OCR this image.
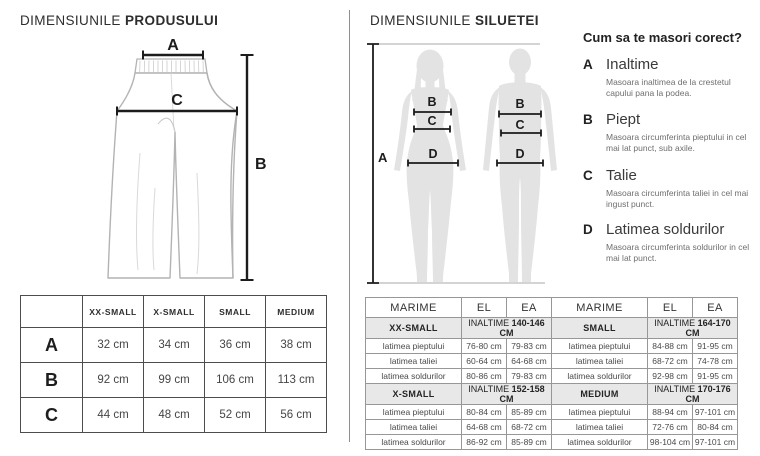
DIMENSIUNILE PRODUSULUI	DIMENSIUNILE SILUETEI
A
C
B	A
B
C
D
B
C
D
Cum sa te masori corect?
A Inaltime
Masoara inaltimea de la crestetul capului pana la podea.
B Piept
Masoara circumferinta pieptului in cel mai lat punct, sub axile.
C Talie
Masoara circumferinta taliei in cel mai ingust punct.
D Latimea soldurilor
Masoara circumferinta soldurilor in cel mai lat punct.
	XX-SMALL	X-SMALL	SMALL	MEDIUM
A	32 cm	34 cm	36 cm	38 cm
B	92 cm	99 cm	106 cm	113 cm
C	44 cm	48 cm	52 cm	56 cm
MARIME	EL	EA	MARIME	EL	EA
XX-SMALL	INALTIME 140-146 CM		SMALL	INALTIME 164-170 CM	
latimea pieptului	76-80 cm	79-83 cm	latimea pieptului	84-88 cm	91-95 cm
latimea taliei	60-64 cm	64-68 cm	latimea taliei	68-72 cm	74-78 cm
latimea soldurilor	80-86 cm	79-83 cm	latimea soldurilor	92-98 cm	91-95 cm
X-SMALL	INALTIME 152-158 CM		MEDIUM	INALTIME 170-176 CM	
latimea pieptului	80-84 cm	85-89 cm	latimea pieptului	88-94 cm	97-101 cm
latimea taliei	64-68 cm	68-72 cm	latimea taliei	72-76 cm	80-84 cm
latimea soldurilor	86-92 cm	85-89 cm	latimea soldurilor	98-104 cm	97-101 cm
